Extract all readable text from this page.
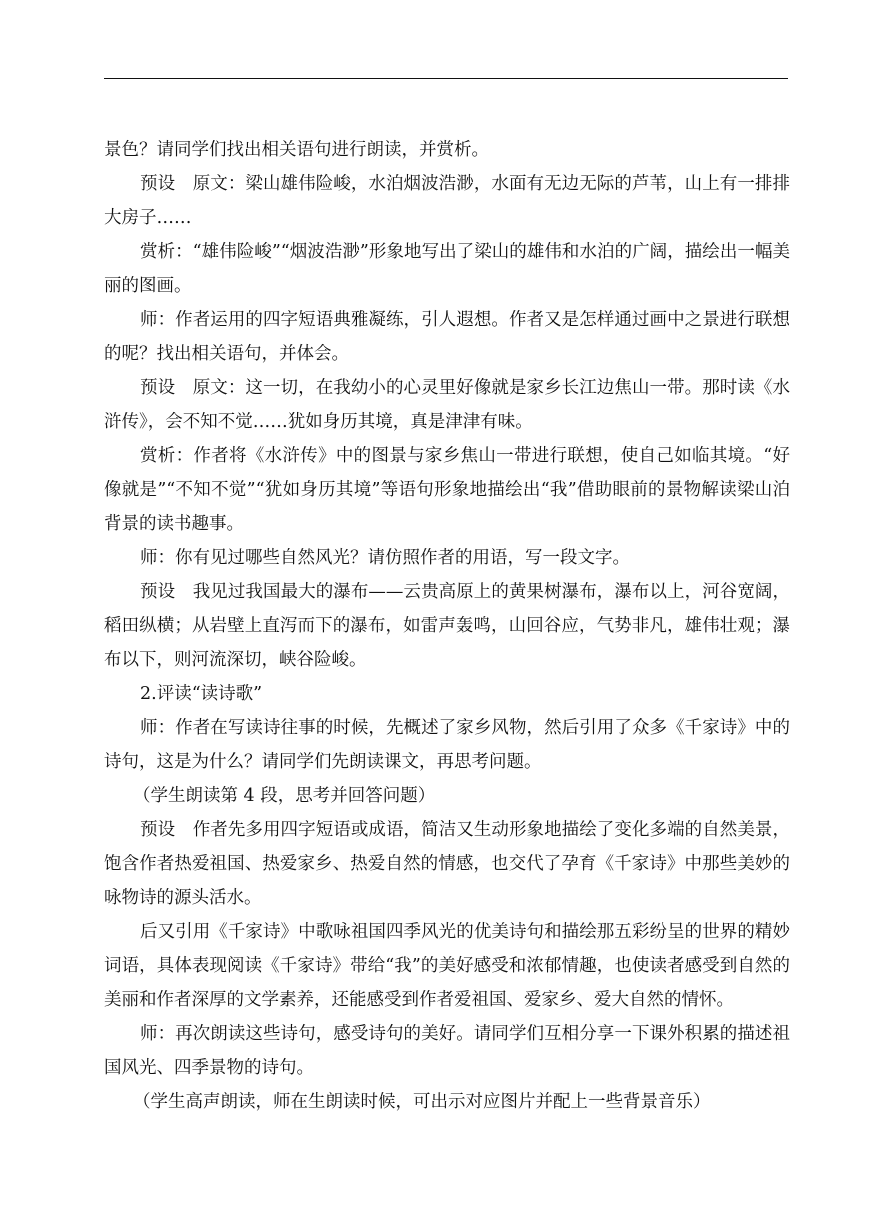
景色？请同学们找出相关语句进行朗读，并赏析。

预设　原文：梁山雄伟险峻，水泊烟波浩渺，水面有无边无际的芦苇，山上有一排排大房子……

赏析：“雄伟险峻”“烟波浩渺”形象地写出了梁山的雄伟和水泊的广阔，描绘出一幅美丽的图画。

师：作者运用的四字短语典雅凝练，引人遐想。作者又是怎样通过画中之景进行联想的呢？找出相关语句，并体会。

预设　原文：这一切，在我幼小的心灵里好像就是家乡长江边焦山一带。那时读《水浒传》，会不知不觉……犹如身历其境，真是津津有味。

赏析：作者将《水浒传》中的图景与家乡焦山一带进行联想，使自己如临其境。“好像就是”“不知不觉”“犹如身历其境”等语句形象地描绘出“我”借助眼前的景物解读梁山泊背景的读书趣事。

师：你有见过哪些自然风光？请仿照作者的用语，写一段文字。

预设　我见过我国最大的瀑布——云贵高原上的黄果树瀑布，瀑布以上，河谷宽阔，稻田纵横；从岩壁上直泻而下的瀑布，如雷声轰鸣，山回谷应，气势非凡，雄伟壮观；瀑布以下，则河流深切，峡谷险峻。

2.评读“读诗歌”

师：作者在写读诗往事的时候，先概述了家乡风物，然后引用了众多《千家诗》中的诗句，这是为什么？请同学们先朗读课文，再思考问题。

（学生朗读第 4 段，思考并回答问题）

预设　作者先多用四字短语或成语，简洁又生动形象地描绘了变化多端的自然美景，饱含作者热爱祖国、热爱家乡、热爱自然的情感，也交代了孕育《千家诗》中那些美妙的咏物诗的源头活水。

后又引用《千家诗》中歌咏祖国四季风光的优美诗句和描绘那五彩纷呈的世界的精妙词语，具体表现阅读《千家诗》带给“我”的美好感受和浓郁情趣，也使读者感受到自然的美丽和作者深厚的文学素养，还能感受到作者爱祖国、爱家乡、爱大自然的情怀。

师：再次朗读这些诗句，感受诗句的美好。请同学们互相分享一下课外积累的描述祖国风光、四季景物的诗句。

（学生高声朗读，师在生朗读时候，可出示对应图片并配上一些背景音乐）
